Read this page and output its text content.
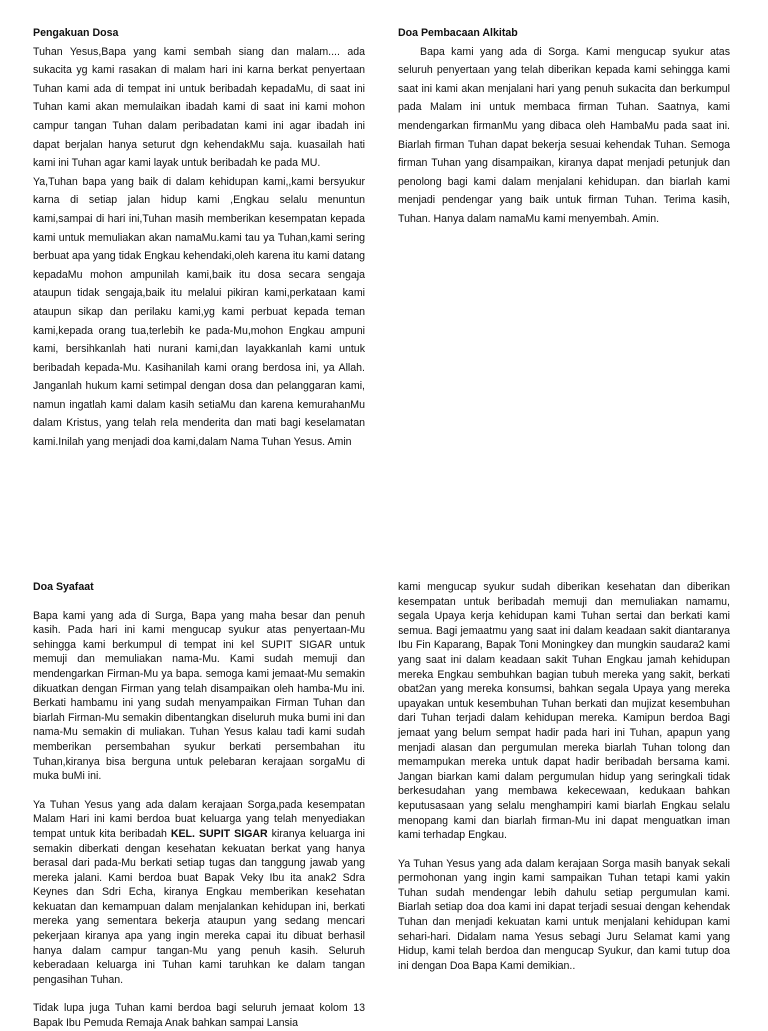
Pengakuan Dosa

Tuhan Yesus,Bapa yang kami sembah siang dan malam.... ada sukacita yg kami rasakan di malam hari ini karna berkat penyertaan Tuhan kami ada di tempat ini untuk beribadah kepadaMu, di saat ini Tuhan kami akan memulaikan ibadah kami di saat ini kami mohon campur tangan Tuhan dalam peribadatan kami ini agar ibadah ini dapat berjalan hanya seturut dgn kehendakMu saja. kuasailah hati kami ini Tuhan agar kami layak untuk beribadah ke pada MU.

Ya,Tuhan bapa yang baik di dalam kehidupan kami,,kami bersyukur karna di setiap jalan hidup kami ,Engkau selalu menuntun kami,sampai di hari ini,Tuhan masih memberikan kesempatan kepada kami untuk memuliakan akan namaMu.kami tau ya Tuhan,kami sering berbuat apa yang tidak Engkau kehendaki,oleh karena itu kami datang kepadaMu mohon ampunilah kami,baik itu dosa secara sengaja ataupun tidak sengaja,baik itu melalui pikiran kami,perkataan kami ataupun sikap dan perilaku kami,yg kami perbuat kepada teman kami,kepada orang tua,terlebih ke pada-Mu,mohon Engkau ampuni kami, bersihkanlah hati nurani kami,dan layakkanlah kami untuk beribadah kepada-Mu. Kasihanilah kami orang berdosa ini, ya Allah. Janganlah hukum kami setimpal dengan dosa dan pelanggaran kami, namun ingatlah kami dalam kasih setiaMu dan karena kemurahanMu dalam Kristus, yang telah rela menderita dan mati bagi keselamatan kami.Inilah yang menjadi doa kami,dalam Nama Tuhan Yesus. Amin

Doa Pembacaan Alkitab

Bapa kami yang ada di Sorga. Kami mengucap syukur atas seluruh penyertaan yang telah diberikan kepada kami sehingga kami saat ini kami akan menjalani hari yang penuh sukacita dan berkumpul pada Malam ini untuk membaca firman Tuhan. Saatnya, kami mendengarkan firmanMu yang dibaca oleh HambaMu pada saat ini. Biarlah firman Tuhan dapat bekerja sesuai kehendak Tuhan. Semoga firman Tuhan yang disampaikan, kiranya dapat menjadi petunjuk dan penolong bagi kami dalam menjalani kehidupan. dan biarlah kami menjadi pendengar yang baik untuk firman Tuhan. Terima kasih, Tuhan. Hanya dalam namaMu kami menyembah. Amin.

Doa Syafaat

Bapa kami yang ada di Surga, Bapa yang maha besar dan penuh kasih. Pada hari ini kami mengucap syukur atas penyertaan-Mu sehingga kami berkumpul di tempat ini kel SUPIT SIGAR untuk memuji dan memuliakan nama-Mu. Kami sudah memuji dan mendengarkan Firman-Mu ya bapa. semoga kami jemaat-Mu semakin dikuatkan dengan Firman yang telah disampaikan oleh hamba-Mu ini. Berkati hambamu ini yang sudah menyampaikan Firman Tuhan dan biarlah Firman-Mu semakin dibentangkan diseluruh muka bumi ini dan nama-Mu semakin di muliakan. Tuhan Yesus kalau tadi kami sudah memberikan persembahan syukur berkati persembahan itu Tuhan,kiranya bisa berguna untuk pelebaran kerajaan sorgaMu di muka buMi ini.

Ya Tuhan Yesus yang ada dalam kerajaan Sorga,pada kesempatan Malam Hari ini kami berdoa buat keluarga yang telah menyediakan tempat untuk kita beribadah KEL. SUPIT SIGAR kiranya keluarga ini semakin diberkati dengan kesehatan kekuatan berkat yang hanya berasal dari pada-Mu berkati setiap tugas dan tanggung jawab yang mereka jalani. Kami berdoa buat Bapak Veky Ibu ita anak2 Sdra Keynes dan Sdri Echa, kiranya Engkau memberikan kesehatan kekuatan dan kemampuan dalam menjalankan kehidupan ini, berkati mereka yang sementara bekerja ataupun yang sedang mencari pekerjaan kiranya apa yang ingin mereka capai itu dibuat berhasil hanya dalam campur tangan-Mu yang penuh kasih. Seluruh keberadaan keluarga ini Tuhan kami taruhkan ke dalam tangan pengasihan Tuhan.

Tidak lupa juga Tuhan kami berdoa bagi seluruh jemaat kolom 13 Bapak Ibu Pemuda Remaja Anak bahkan sampai Lansia

kami mengucap syukur sudah diberikan kesehatan dan diberikan kesempatan untuk beribadah memuji dan memuliakan namamu, segala Upaya kerja kehidupan kami Tuhan sertai dan berkati kami semua. Bagi jemaatmu yang saat ini dalam keadaan sakit diantaranya Ibu Fin Kaparang, Bapak Toni Moningkey dan mungkin saudara2 kami yang saat ini dalam keadaan sakit Tuhan Engkau jamah kehidupan mereka Engkau sembuhkan bagian tubuh mereka yang sakit, berkati obat2an yang mereka konsumsi, bahkan segala Upaya yang mereka upayakan untuk kesembuhan Tuhan berkati dan mujizat kesembuhan dari Tuhan terjadi dalam kehidupan mereka. Kamipun berdoa Bagi jemaat yang belum sempat hadir pada hari ini Tuhan, apapun yang menjadi alasan dan pergumulan mereka biarlah Tuhan tolong dan memampukan mereka untuk dapat hadir beribadah bersama kami. Jangan biarkan kami dalam pergumulan hidup yang seringkali tidak berkesudahan yang membawa kekecewaan, kedukaan bahkan keputusasaan yang selalu menghampiri kami biarlah Engkau selalu menopang kami dan biarlah firman-Mu ini dapat menguatkan iman kami terhadap Engkau.

Ya Tuhan Yesus yang ada dalam kerajaan Sorga masih banyak sekali permohonan yang ingin kami sampaikan Tuhan tetapi kami yakin Tuhan sudah mendengar lebih dahulu setiap pergumulan kami. Biarlah setiap doa doa kami ini dapat terjadi sesuai dengan kehendak Tuhan dan menjadi kekuatan kami untuk menjalani kehidupan kami sehari-hari. Didalam nama Yesus sebagi Juru Selamat kami yang Hidup, kami telah berdoa dan mengucap Syukur, dan kami tutup doa ini dengan Doa Bapa Kami demikian..
